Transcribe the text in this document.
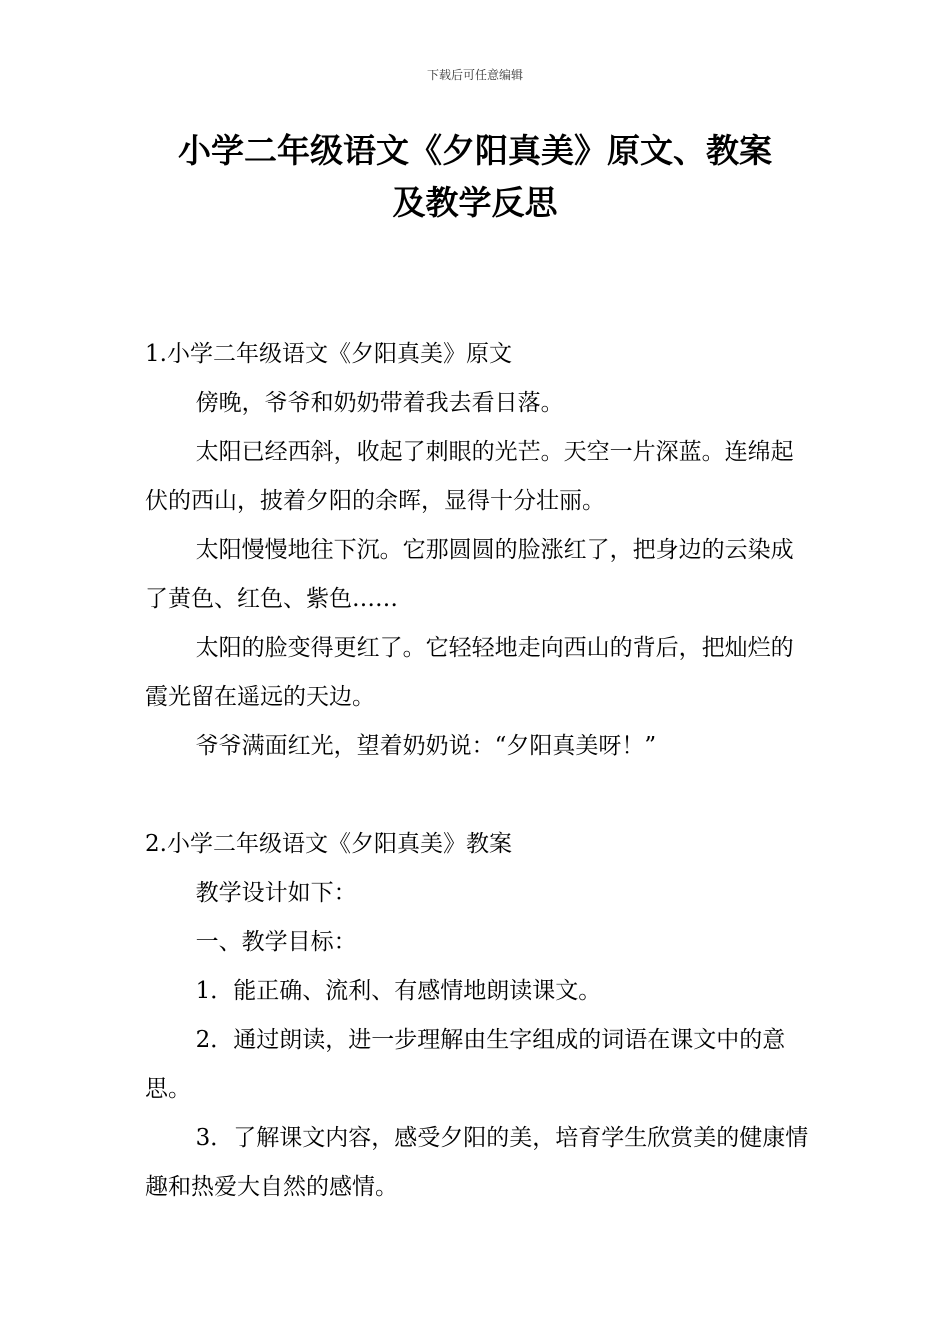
下载后可任意编辑
小学二年级语文《夕阳真美》原文、教案
及教学反思
1.小学二年级语文《夕阳真美》原文

傍晚，爷爷和奶奶带着我去看日落。

太阳已经西斜，收起了刺眼的光芒。天空一片深蓝。连绵起伏的西山，披着夕阳的余晖，显得十分壮丽。

太阳慢慢地往下沉。它那圆圆的脸涨红了，把身边的云染成了黄色、红色、紫色……

太阳的脸变得更红了。它轻轻地走向西山的背后，把灿烂的霞光留在遥远的天边。

爷爷满面红光，望着奶奶说：“夕阳真美呀！”

2.小学二年级语文《夕阳真美》教案

教学设计如下：

一、教学目标：

1．能正确、流利、有感情地朗读课文。

2．通过朗读，进一步理解由生字组成的词语在课文中的意思。

3．了解课文内容，感受夕阳的美，培育学生欣赏美的健康情趣和热爱大自然的感情。
